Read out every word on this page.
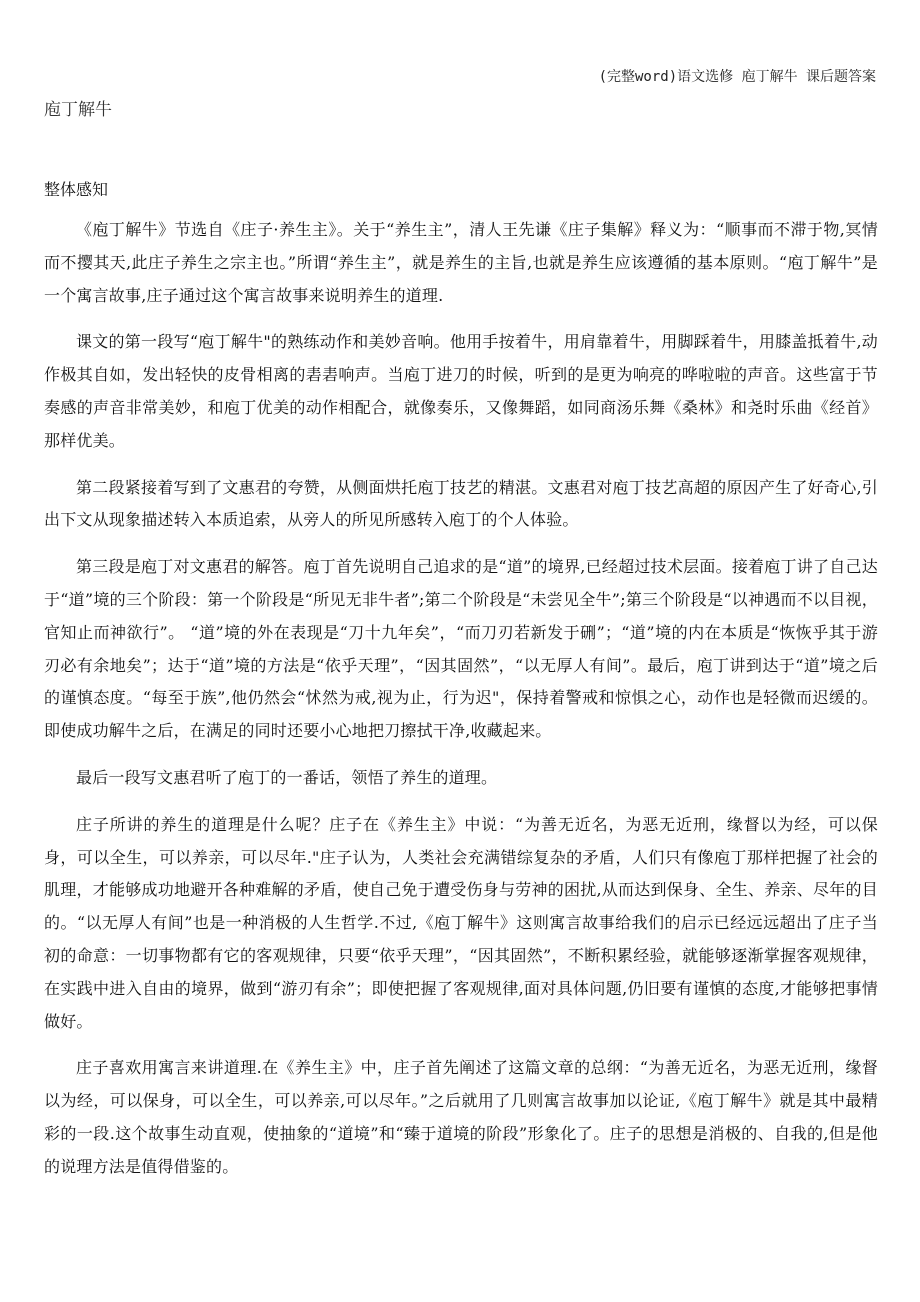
(完整word)语文选修 庖丁解牛 课后题答案
庖丁解牛
整体感知

《庖丁解牛》节选自《庄子·养生主》。关于“养生主”，清人王先谦《庄子集解》释义为：“顺事而不滞于物,冥情而不撄其天,此庄子养生之宗主也。”所谓“养生主”，就是养生的主旨,也就是养生应该遵循的基本原则。“庖丁解牛”是一个寓言故事,庄子通过这个寓言故事来说明养生的道理.

课文的第一段写“庖丁解牛"的熟练动作和美妙音响。他用手按着牛，用肩靠着牛，用脚踩着牛，用膝盖抵着牛,动作极其自如，发出轻快的皮骨相离的砉砉响声。当庖丁进刀的时候，听到的是更为响亮的哗啦啦的声音。这些富于节奏感的声音非常美妙，和庖丁优美的动作相配合，就像奏乐，又像舞蹈，如同商汤乐舞《桑林》和尧时乐曲《经首》那样优美。

第二段紧接着写到了文惠君的夸赞，从侧面烘托庖丁技艺的精湛。文惠君对庖丁技艺高超的原因产生了好奇心,引出下文从现象描述转入本质追索，从旁人的所见所感转入庖丁的个人体验。

第三段是庖丁对文惠君的解答。庖丁首先说明自己追求的是“道”的境界,已经超过技术层面。接着庖丁讲了自己达于“道”境的三个阶段：第一个阶段是“所见无非牛者”;第二个阶段是“未尝见全牛”;第三个阶段是“以神遇而不以目视，官知止而神欲行”。 “道”境的外在表现是“刀十九年矣”，“而刀刃若新发于硎”；“道”境的内在本质是“恢恢乎其于游刃必有余地矣”；达于“道”境的方法是“依乎天理”，“因其固然”，“以无厚人有间”。最后，庖丁讲到达于“道”境之后的谨慎态度。“每至于族”,他仍然会“怵然为戒,视为止，行为迟"，保持着警戒和惊惧之心，动作也是轻微而迟缓的。即使成功解牛之后，在满足的同时还要小心地把刀擦拭干净,收藏起来。

最后一段写文惠君听了庖丁的一番话，领悟了养生的道理。

庄子所讲的养生的道理是什么呢？庄子在《养生主》中说：“为善无近名，为恶无近刑，缘督以为经，可以保身，可以全生，可以养亲，可以尽年."庄子认为，人类社会充满错综复杂的矛盾，人们只有像庖丁那样把握了社会的肌理，才能够成功地避开各种难解的矛盾，使自己免于遭受伤身与劳神的困扰,从而达到保身、全生、养亲、尽年的目的。“以无厚人有间”也是一种消极的人生哲学.不过,《庖丁解牛》这则寓言故事给我们的启示已经远远超出了庄子当初的命意：一切事物都有它的客观规律，只要“依乎天理”，“因其固然”，不断积累经验，就能够逐渐掌握客观规律，在实践中进入自由的境界，做到“游刃有余”；即使把握了客观规律,面对具体问题,仍旧要有谨慎的态度,才能够把事情做好。

庄子喜欢用寓言来讲道理.在《养生主》中，庄子首先阐述了这篇文章的总纲：“为善无近名，为恶无近刑，缘督以为经，可以保身，可以全生，可以养亲,可以尽年。”之后就用了几则寓言故事加以论证,《庖丁解牛》就是其中最精彩的一段.这个故事生动直观，使抽象的“道境”和“臻于道境的阶段”形象化了。庄子的思想是消极的、自我的,但是他的说理方法是值得借鉴的。
